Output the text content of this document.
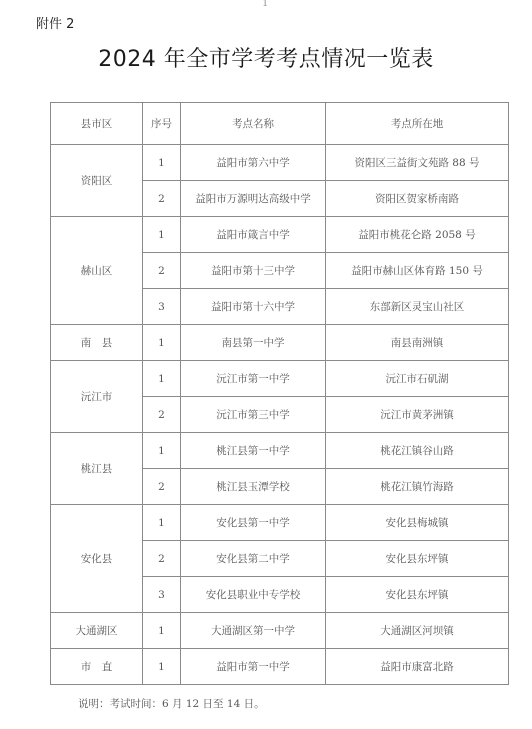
1
附件 2
2024 年全市学考考点情况一览表
县市区	序号	考点名称	考点所在地
资阳区	1	益阳市第六中学	资阳区三益街文苑路 88 号
	2	益阳市万源明达高级中学	资阳区贺家桥南路
赫山区	1	益阳市箴言中学	益阳市桃花仑路 2058 号
	2	益阳市第十三中学	益阳市赫山区体育路 150 号
	3	益阳市第十六中学	东部新区灵宝山社区
南　县	1	南县第一中学	南县南洲镇
沅江市	1	沅江市第一中学	沅江市石矶湖
	2	沅江市第三中学	沅江市黄茅洲镇
桃江县	1	桃江县第一中学	桃花江镇谷山路
	2	桃江县玉潭学校	桃花江镇竹海路
安化县	1	安化县第一中学	安化县梅城镇
	2	安化县第二中学	安化县东坪镇
	3	安化县职业中专学校	安化县东坪镇
大通湖区	1	大通湖区第一中学	大通湖区河坝镇
市　直	1	益阳市第一中学	益阳市康富北路
说明：考试时间：6 月 12 日至 14 日。
